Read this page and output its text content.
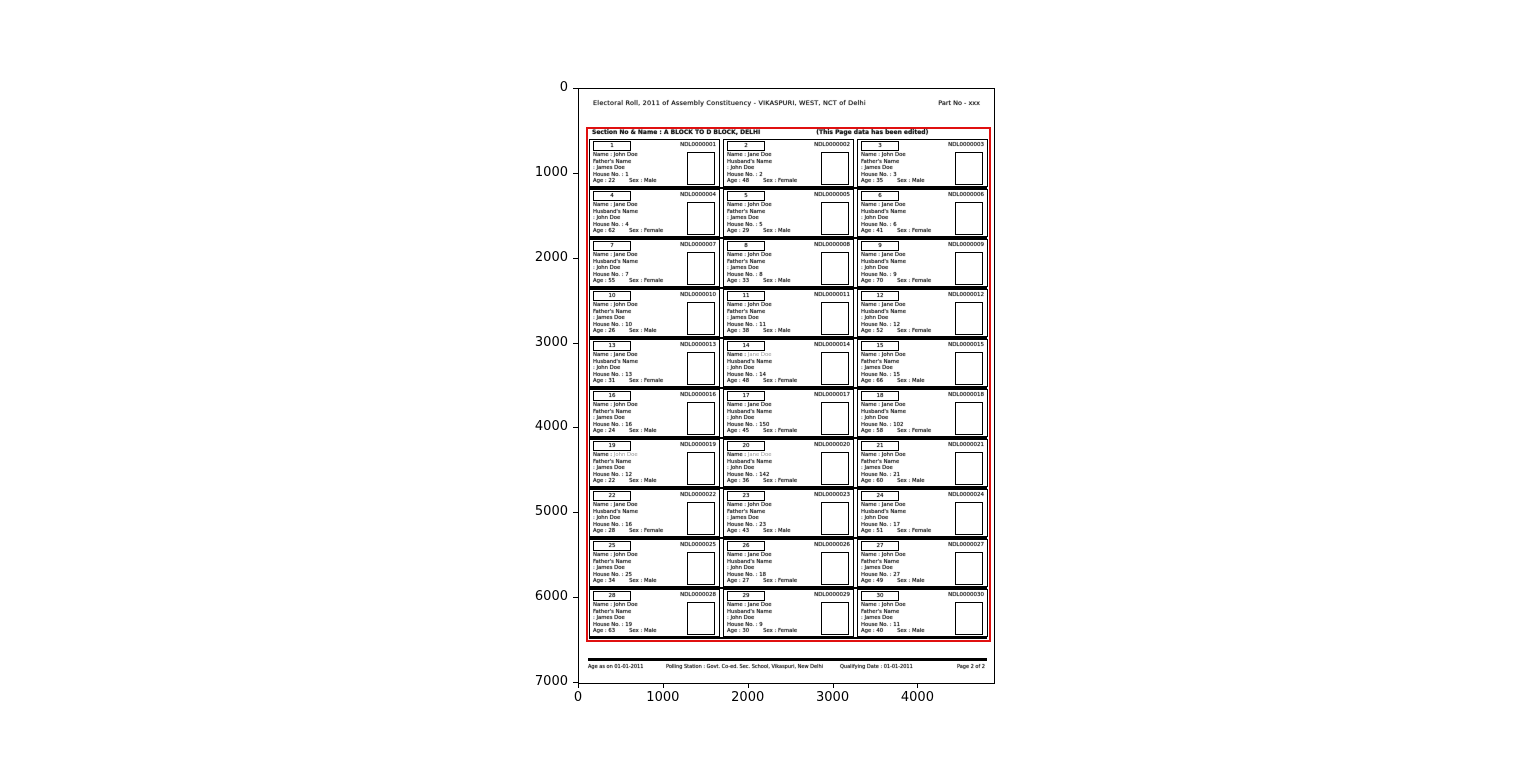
0
1000
2000
3000
4000
5000
6000
7000
0	1000	2000	3000	4000
Electoral Roll, 2011 of Assembly Constituency - VIKASPURI, WEST, NCT of Delhi	Part No - xxx
Section No & Name : A BLOCK TO D BLOCK, DELHI	(This Page data has been edited)
1	NDL0000001
Name : John Doe
Father's Name
: James Doe
House No. : 1
Age : 22	Sex : Male
2	NDL0000002
Name : Jane Doe
Husband's Name
: John Doe
House No. : 2
Age : 48	Sex : Female
3	NDL0000003
Name : John Doe
Father's Name
: James Doe
House No. : 3
Age : 35	Sex : Male
4	NDL0000004
Name : Jane Doe
Husband's Name
: John Doe
House No. : 4
Age : 62	Sex : Female
5	NDL0000005
Name : John Doe
Father's Name
: James Doe
House No. : 5
Age : 29	Sex : Male
6	NDL0000006
Name : Jane Doe
Husband's Name
: John Doe
House No. : 6
Age : 41	Sex : Female
7	NDL0000007
Name : Jane Doe
Husband's Name
: John Doe
House No. : 7
Age : 55	Sex : Female
8	NDL0000008
Name : John Doe
Father's Name
: James Doe
House No. : 8
Age : 33	Sex : Male
9	NDL0000009
Name : Jane Doe
Husband's Name
: John Doe
House No. : 9
Age : 70	Sex : Female
10	NDL0000010
Name : John Doe
Father's Name
: James Doe
House No. : 10
Age : 26	Sex : Male
11	NDL0000011
Name : John Doe
Father's Name
: James Doe
House No. : 11
Age : 38	Sex : Male
12	NDL0000012
Name : Jane Doe
Husband's Name
: John Doe
House No. : 12
Age : 52	Sex : Female
13	NDL0000013
Name : Jane Doe
Husband's Name
: John Doe
House No. : 13
Age : 31	Sex : Female
14	NDL0000014
Name : Jane Doe
Husband's Name
: John Doe
House No. : 14
Age : 48	Sex : Female
15	NDL0000015
Name : John Doe
Father's Name
: James Doe
House No. : 15
Age : 66	Sex : Male
16	NDL0000016
Name : John Doe
Father's Name
: James Doe
House No. : 16
Age : 24	Sex : Male
17	NDL0000017
Name : Jane Doe
Husband's Name
: John Doe
House No. : 150
Age : 45	Sex : Female
18	NDL0000018
Name : Jane Doe
Husband's Name
: John Doe
House No. : 102
Age : 58	Sex : Female
19	NDL0000019
Name : John Doe
Father's Name
: James Doe
House No. : 12
Age : 22	Sex : Male
20	NDL0000020
Name : Jane Doe
Husband's Name
: John Doe
House No. : 142
Age : 36	Sex : Female
21	NDL0000021
Name : John Doe
Father's Name
: James Doe
House No. : 21
Age : 60	Sex : Male
22	NDL0000022
Name : Jane Doe
Husband's Name
: John Doe
House No. : 16
Age : 28	Sex : Female
23	NDL0000023
Name : John Doe
Father's Name
: James Doe
House No. : 23
Age : 43	Sex : Male
24	NDL0000024
Name : Jane Doe
Husband's Name
: John Doe
House No. : 17
Age : 51	Sex : Female
25	NDL0000025
Name : John Doe
Father's Name
: James Doe
House No. : 25
Age : 34	Sex : Male
26	NDL0000026
Name : Jane Doe
Husband's Name
: John Doe
House No. : 18
Age : 27	Sex : Female
27	NDL0000027
Name : John Doe
Father's Name
: James Doe
House No. : 27
Age : 49	Sex : Male
28	NDL0000028
Name : John Doe
Father's Name
: James Doe
House No. : 19
Age : 63	Sex : Male
29	NDL0000029
Name : Jane Doe
Husband's Name
: John Doe
House No. : 9
Age : 30	Sex : Female
30	NDL0000030
Name : John Doe
Father's Name
: James Doe
House No. : 11
Age : 40	Sex : Male
Age as on 01-01-2011	Polling Station : Govt. Co-ed. Sec. School, Vikaspuri, New Delhi	Qualifying Date : 01-01-2011	Page 2 of 2
